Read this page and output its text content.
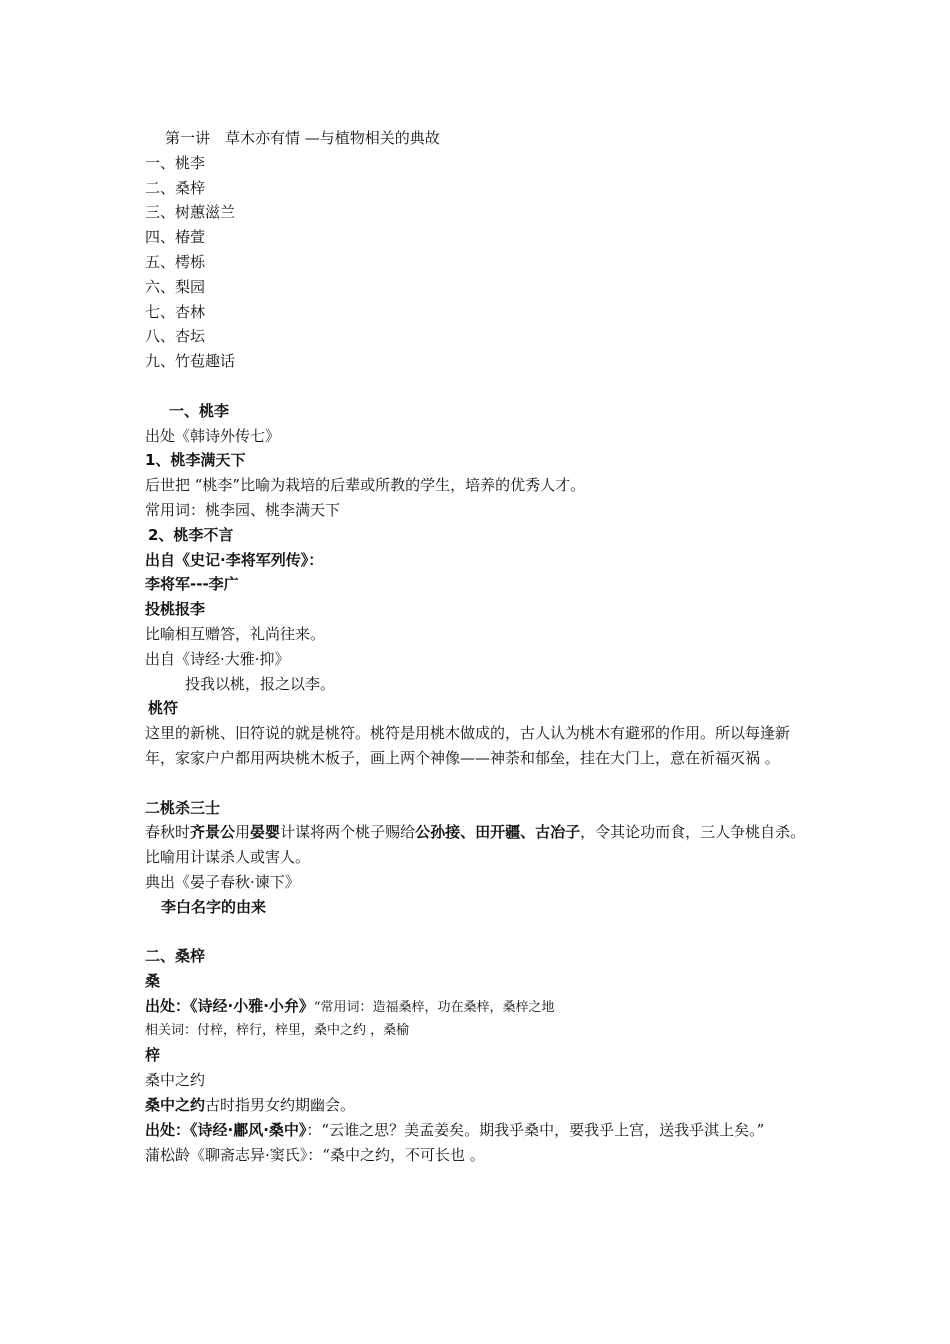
第一讲　草木亦有情 —与植物相关的典故
一、桃李
二、桑梓
三、树蕙滋兰
四、椿萱
五、樗栎
六、梨园
七、杏林
八、杏坛
九、竹苞趣话
一、桃李
出处《韩诗外传七》
1、桃李满天下
后世把 “桃李”比喻为栽培的后辈或所教的学生，培养的优秀人才。
常用词：桃李园、桃李满天下
2、桃李不言
出自《史记·李将军列传》：
李将军---李广
投桃报李
比喻相互赠答，礼尚往来。
出自《诗经·大雅·抑》
投我以桃，报之以李。
桃符
这里的新桃、旧符说的就是桃符。桃符是用桃木做成的，古人认为桃木有避邪的作用。所以每逢新年，家家户户都用两块桃木板子，画上两个神像——神荼和郁垒，挂在大门上，意在祈福灭祸 。
二桃杀三士
春秋时齐景公用晏婴计谋将两个桃子赐给公孙接、田开疆、古冶子，令其论功而食，三人争桃自杀。比喻用计谋杀人或害人。
典出《晏子春秋·谏下》
李白名字的由来
二、桑梓
桑
出处：《诗经·小雅·小弁》“常用词：造福桑梓，功在桑梓，桑梓之地
相关词：付梓，梓行，梓里，桑中之约 ，桑榆
梓
桑中之约
桑中之约古时指男女约期幽会。
出处：《诗经·鄘风·桑中》：“云谁之思？美孟姜矣。期我乎桑中，要我乎上宫，送我乎淇上矣。”
蒲松龄《聊斋志异·窦氏》：“桑中之约，不可长也 。
